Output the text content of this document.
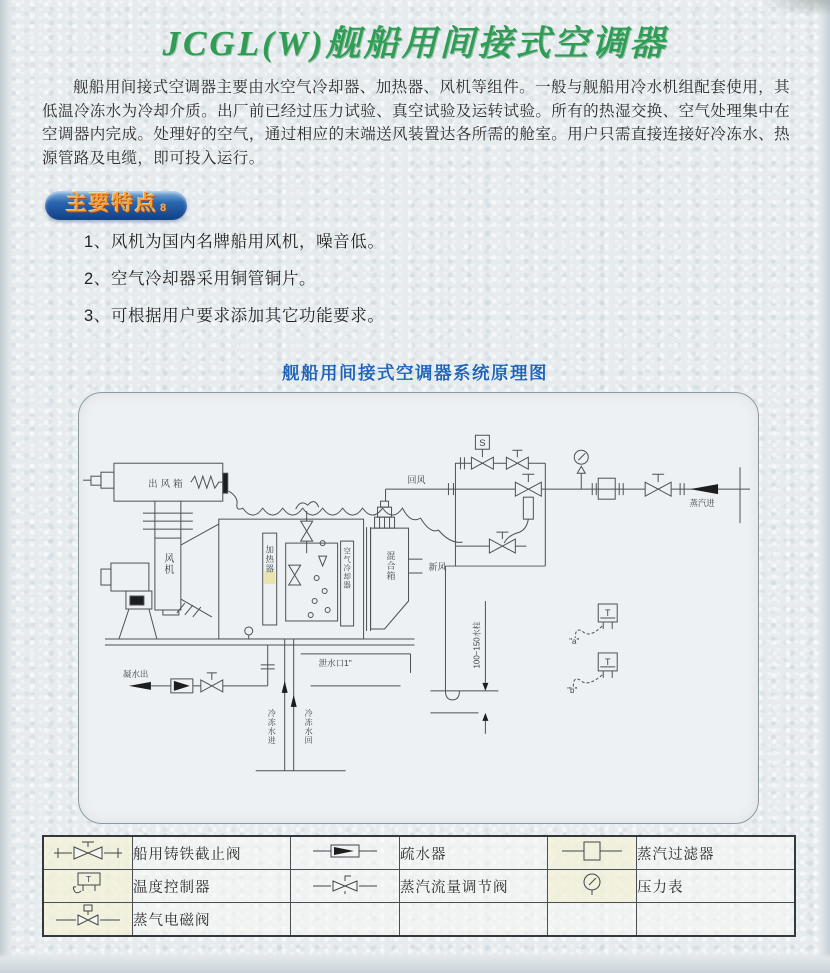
JCGL(W)舰船用间接式空调器
舰船用间接式空调器主要由水空气冷却器、加热器、风机等组件。一般与舰船用冷水机组配套使用，其低温冷冻水为冷却介质。出厂前已经过压力试验、真空试验及运转试验。所有的热湿交换、空气处理集中在空调器内完成。处理好的空气，通过相应的末端送风装置达各所需的舱室。用户只需直接连接好冷冻水、热源管路及电缆，即可投入运行。
主要特点 8
1、风机为国内名牌船用风机，噪音低。
2、空气冷却器采用铜管铜片。
3、可根据用户要求添加其它功能要求。
舰船用间接式空调器系统原理图
出风箱
风机	加热器	空气冷却器	混合箱	新风
回风
S
蒸汽进
泄水口1"	100~150水柱
冷冻水进	冷冻水回
凝水出
T
"a"
T
"b"
	船用铸铁截止阀		疏水器		蒸汽过滤器

T	温度控制器		蒸汽流量调节阀		压力表
	蒸气电磁阀				
